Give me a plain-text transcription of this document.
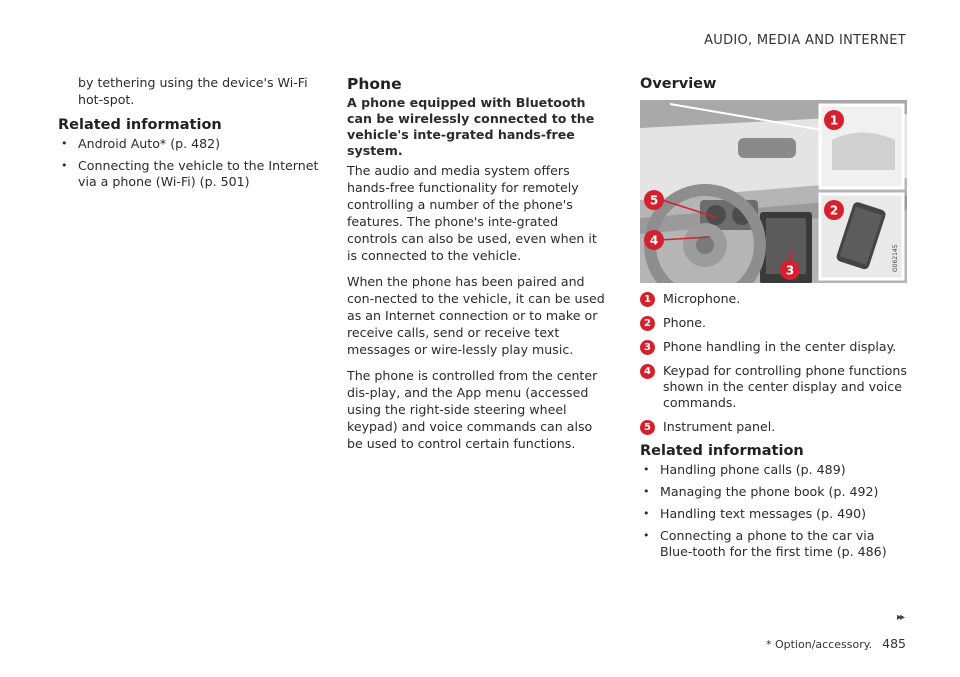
AUDIO, MEDIA AND INTERNET

by tethering using the device's Wi-Fi hot-spot.

Related information
• Android Auto* (p. 482)
• Connecting the vehicle to the Internet via a phone (Wi-Fi) (p. 501)
Phone

A phone equipped with Bluetooth can be wirelessly connected to the vehicle's inte-grated hands-free system.

The audio and media system offers hands-free functionality for remotely controlling a number of the phone's features. The phone's inte-grated controls can also be used, even when it is connected to the vehicle.

When the phone has been paired and con-nected to the vehicle, it can be used as an Internet connection or to make or receive calls, send or receive text messages or wire-lessly play music.

The phone is controlled from the center dis-play, and the App menu (accessed using the right-side steering wheel keypad) and voice commands can also be used to control certain functions.

Overview
G062145
1
2
3
4
5
1 Microphone.
2 Phone.
3 Phone handling in the center display.
4 Keypad for controlling phone functions shown in the center display and voice commands.
5 Instrument panel.
Related information
• Handling phone calls (p. 489)
• Managing the phone book (p. 492)
• Handling text messages (p. 490)
• Connecting a phone to the car via Blue-tooth for the first time (p. 486)
▸▸
* Option/accessory. 485
